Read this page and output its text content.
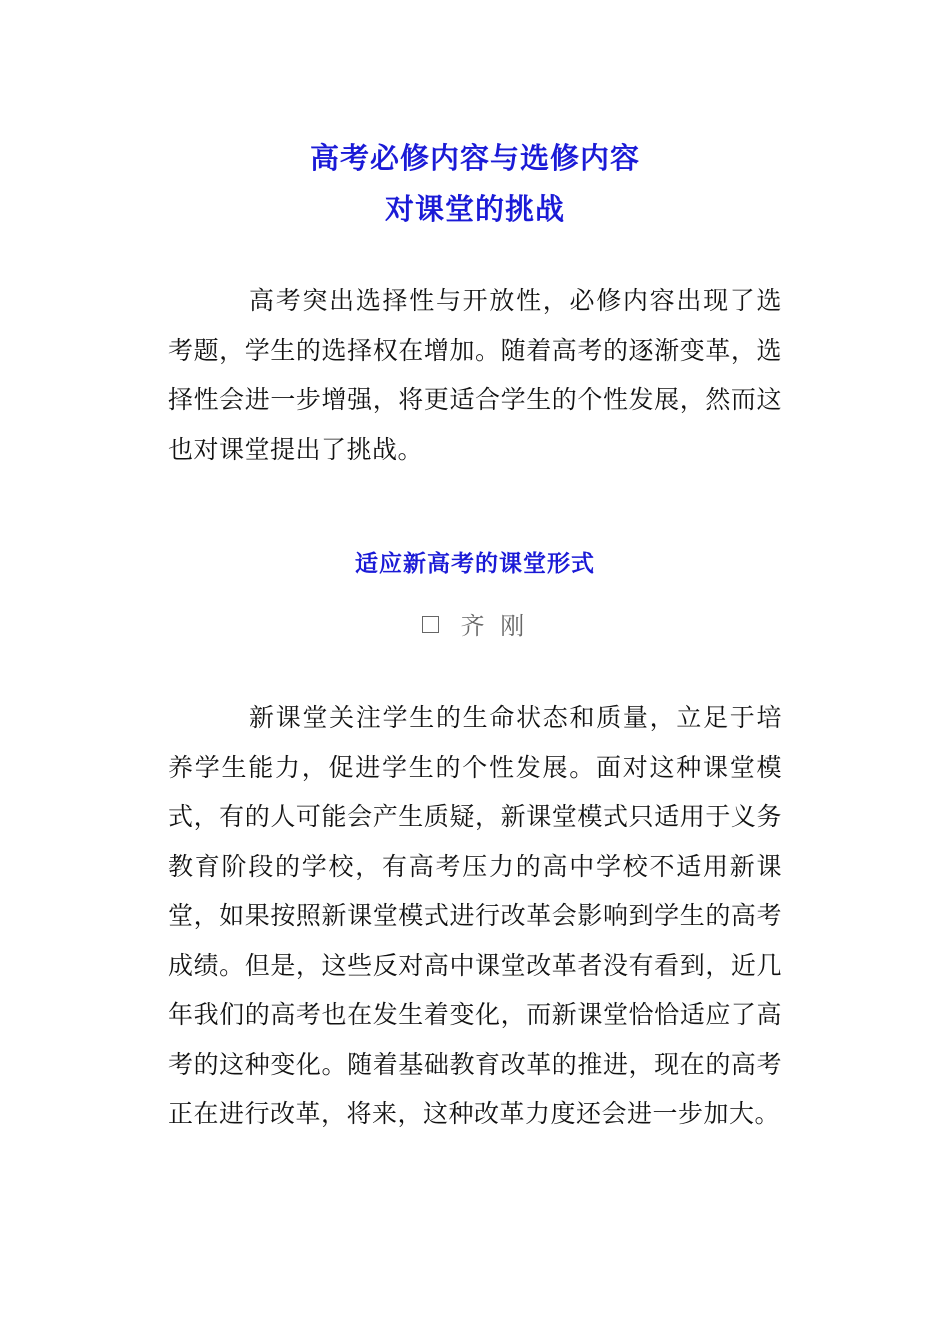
高考必修内容与选修内容
对课堂的挑战

高考突出选择性与开放性，必修内容出现了选考题，学生的选择权在增加。随着高考的逐渐变革，选择性会进一步增强，将更适合学生的个性发展，然而这也对课堂提出了挑战。

适应新高考的课堂形式
齐 刚

新课堂关注学生的生命状态和质量，立足于培养学生能力，促进学生的个性发展。面对这种课堂模式，有的人可能会产生质疑，新课堂模式只适用于义务教育阶段的学校，有高考压力的高中学校不适用新课堂，如果按照新课堂模式进行改革会影响到学生的高考成绩。但是，这些反对高中课堂改革者没有看到，近几年我们的高考也在发生着变化，而新课堂恰恰适应了高考的这种变化。随着基础教育改革的推进，现在的高考正在进行改革，将来，这种改革力度还会进一步加大。
